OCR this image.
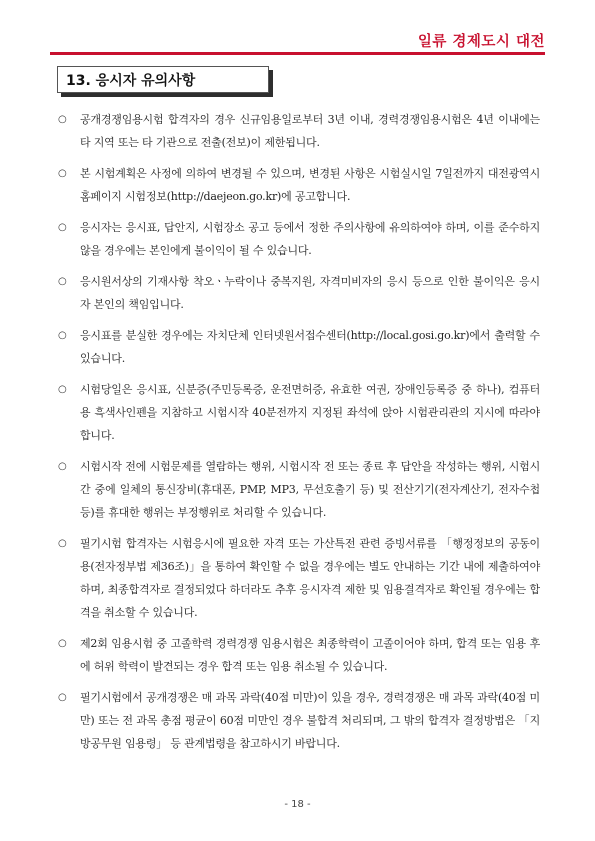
일류 경제도시 대전
13. 응시자 유의사항
○ 공개경쟁임용시험 합격자의 경우 신규임용일로부터 3년 이내, 경력경쟁임용시험은 4년 이내에는 타 지역 또는 타 기관으로 전출(전보)이 제한됩니다.
○ 본 시험계획은 사정에 의하여 변경될 수 있으며, 변경된 사항은 시험실시일 7일전까지 대전광역시 홈페이지 시험정보(http://daejeon.go.kr)에 공고합니다.
○ 응시자는 응시표, 답안지, 시험장소 공고 등에서 정한 주의사항에 유의하여야 하며, 이를 준수하지 않을 경우에는 본인에게 불이익이 될 수 있습니다.
○ 응시원서상의 기재사항 착오ㆍ누락이나 중복지원, 자격미비자의 응시 등으로 인한 불이익은 응시자 본인의 책임입니다.
○ 응시표를 분실한 경우에는 자치단체 인터넷원서접수센터(http://local.gosi.go.kr)에서 출력할 수 있습니다.
○ 시험당일은 응시표, 신분증(주민등록증, 운전면허증, 유효한 여권, 장애인등록증 중 하나), 컴퓨터용 흑색사인펜을 지참하고 시험시작 40분전까지 지정된 좌석에 앉아 시험관리관의 지시에 따라야 합니다.
○ 시험시작 전에 시험문제를 열람하는 행위, 시험시작 전 또는 종료 후 답안을 작성하는 행위, 시험시간 중에 일체의 통신장비(휴대폰, PMP, MP3, 무선호출기 등) 및 전산기기(전자계산기, 전자수첩 등)를 휴대한 행위는 부정행위로 처리할 수 있습니다.
○ 필기시험 합격자는 시험응시에 필요한 자격 또는 가산특전 관련 증빙서류를 「행정정보의 공동이용(전자정부법 제36조)」을 통하여 확인할 수 없을 경우에는 별도 안내하는 기간 내에 제출하여야 하며, 최종합격자로 결정되었다 하더라도 추후 응시자격 제한 및 임용결격자로 확인될 경우에는 합격을 취소할 수 있습니다.
○ 제2회 임용시험 중 고졸학력 경력경쟁 임용시험은 최종학력이 고졸이어야 하며, 합격 또는 임용 후에 허위 학력이 발견되는 경우 합격 또는 임용 취소될 수 있습니다.
○ 필기시험에서 공개경쟁은 매 과목 과락(40점 미만)이 있을 경우, 경력경쟁은 매 과목 과락(40점 미만) 또는 전 과목 총점 평균이 60점 미만인 경우 불합격 처리되며, 그 밖의 합격자 결정방법은 「지방공무원 임용령」 등 관계법령을 참고하시기 바랍니다.
- 18 -
